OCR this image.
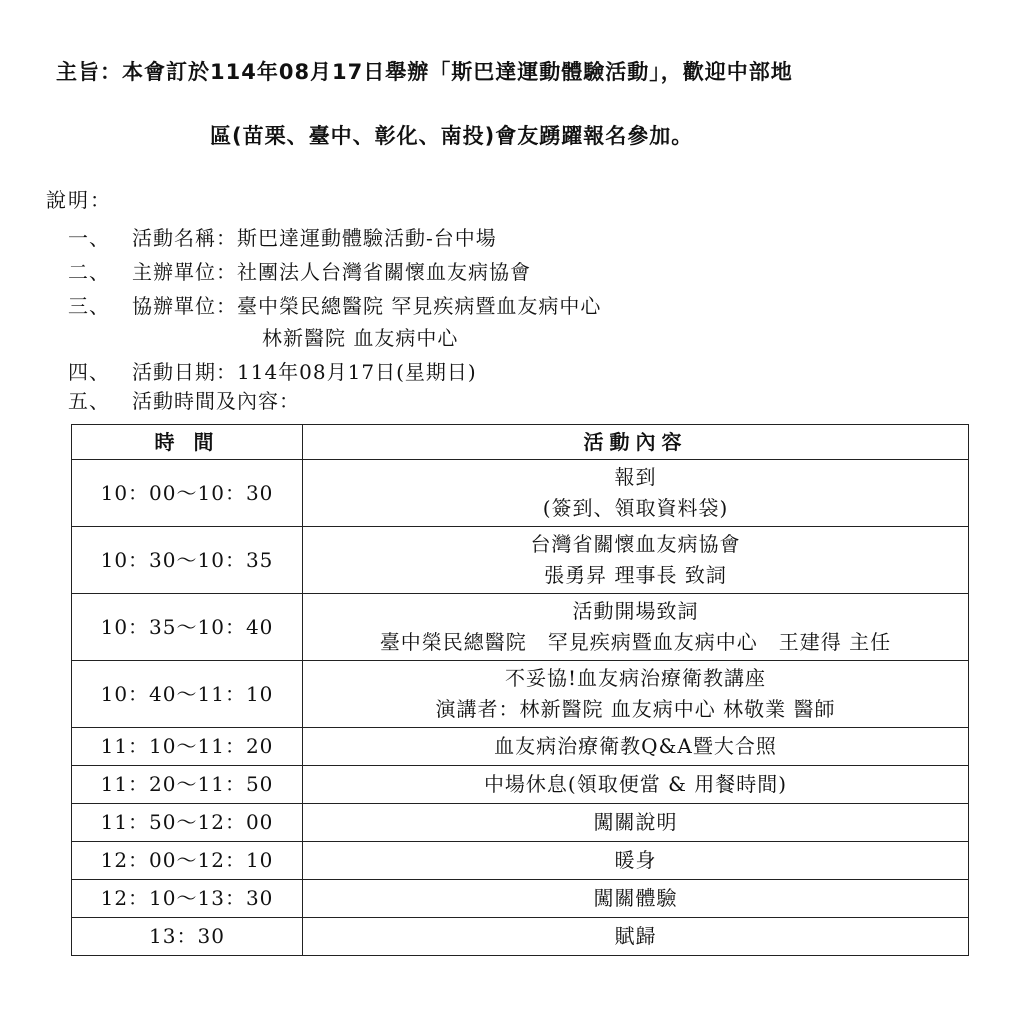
主旨：本會訂於114年08月17日舉辦「斯巴達運動體驗活動」，歡迎中部地
區(苗栗、臺中、彰化、南投)會友踴躍報名參加。
說明：
一、 活動名稱：斯巴達運動體驗活動-台中場
二、 主辦單位：社團法人台灣省關懷血友病協會
三、 協辦單位：臺中榮民總醫院 罕見疾病暨血友病中心
林新醫院 血友病中心
四、 活動日期：114年08月17日(星期日)
五、 活動時間及內容：
時 間	活動內容
10：00～10：30	報到
(簽到、領取資料袋)

10：30～10：35	台灣省關懷血友病協會
張勇昇 理事長 致詞

10：35～10：40	活動開場致詞
臺中榮民總醫院　罕見疾病暨血友病中心　王建得 主任

10：40～11：10	不妥協!血友病治療衛教講座
演講者：林新醫院 血友病中心 林敬業 醫師

11：10～11：20	血友病治療衛教Q&A暨大合照

11：20～11：50	中場休息(領取便當 & 用餐時間)

11：50～12：00	闖關說明

12：00～12：10	暖身

12：10～13：30	闖關體驗

13：30	賦歸
